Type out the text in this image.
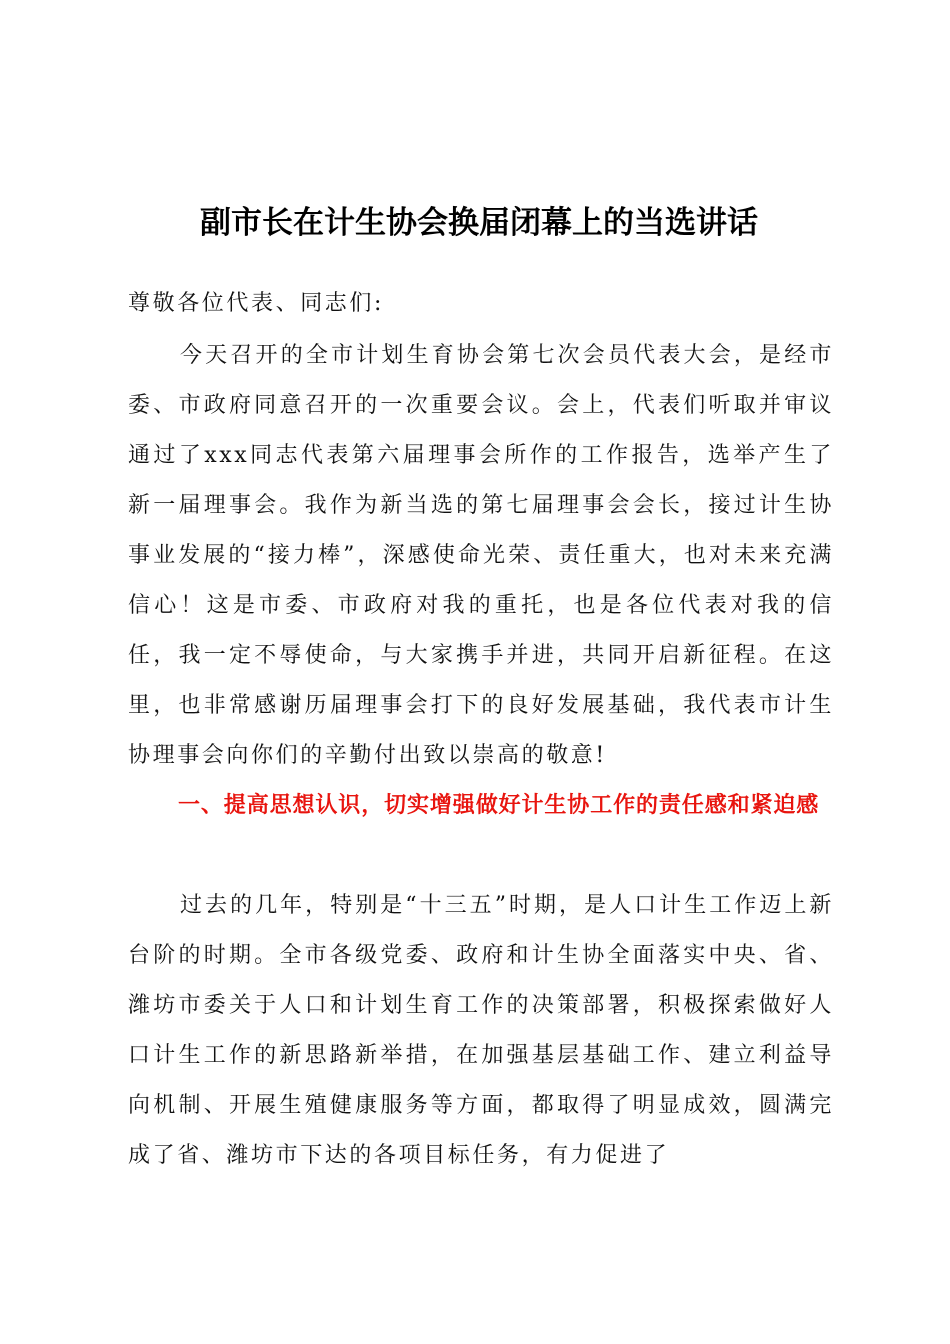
副市长在计生协会换届闭幕上的当选讲话
尊敬各位代表、同志们:

今天召开的全市计划生育协会第七次会员代表大会，是经市委、市政府同意召开的一次重要会议。会上，代表们听取并审议通过了xxx同志代表第六届理事会所作的工作报告，选举产生了新一届理事会。我作为新当选的第七届理事会会长，接过计生协事业发展的“接力棒”，深感使命光荣、责任重大，也对未来充满信心！这是市委、市政府对我的重托，也是各位代表对我的信任，我一定不辱使命，与大家携手并进，共同开启新征程。在这里，也非常感谢历届理事会打下的良好发展基础，我代表市计生协理事会向你们的辛勤付出致以崇高的敬意!

一、提高思想认识，切实增强做好计生协工作的责任感和紧迫感

过去的几年，特别是“十三五”时期，是人口计生工作迈上新台阶的时期。全市各级党委、政府和计生协全面落实中央、省、潍坊市委关于人口和计划生育工作的决策部署，积极探索做好人口计生工作的新思路新举措，在加强基层基础工作、建立利益导向机制、开展生殖健康服务等方面，都取得了明显成效，圆满完成了省、潍坊市下达的各项目标任务，有力促进了
